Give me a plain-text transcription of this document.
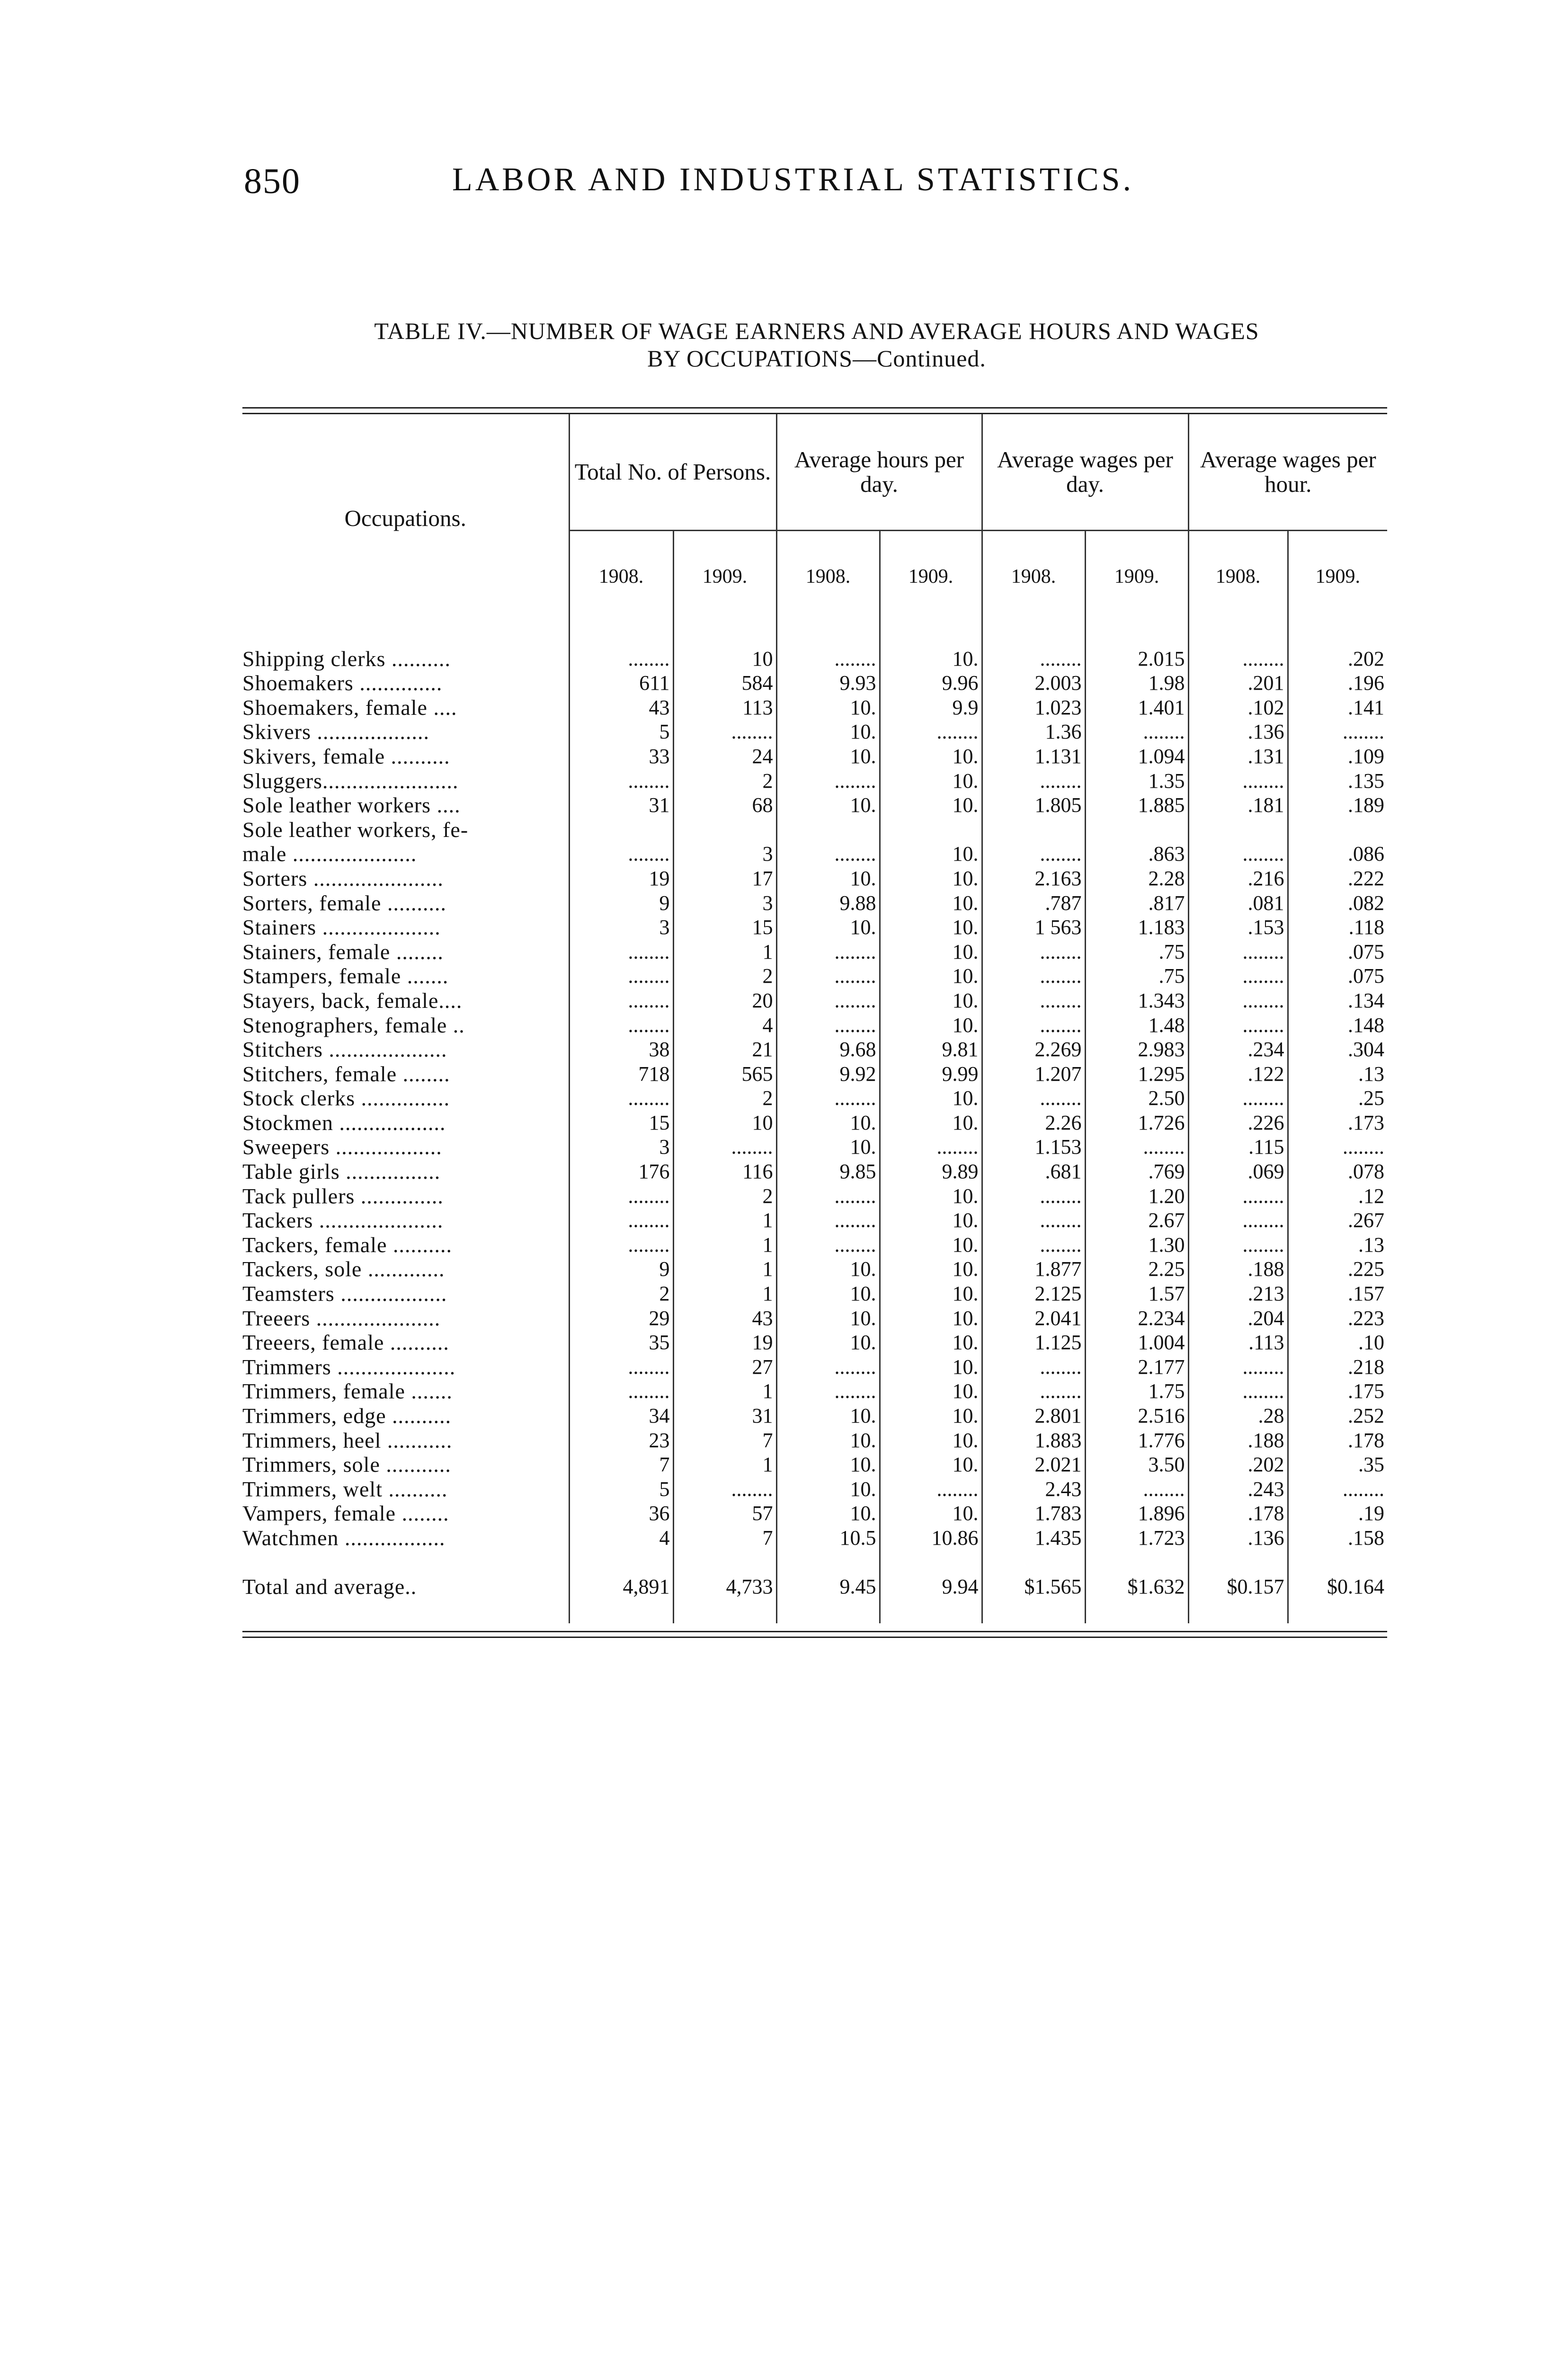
850	LABOR AND INDUSTRIAL STATISTICS.
TABLE IV.—NUMBER OF WAGE EARNERS AND AVERAGE HOURS AND WAGES
BY OCCUPATIONS—Continued.
Occupations.	Total No. of Persons.		Average hours per day.		Average wages per day.		Average wages per hour.	
	1908.	1909.	1908.	1909.	1908.	1909.	1908.	1909.

Shipping clerks ..........	........	10	........	10.	........	2.015	........	.202
Shoemakers ..............	611	584	9.93	9.96	2.003	1.98	.201	.196
Shoemakers, female ....	43	113	10.	9.9	1.023	1.401	.102	.141
Skivers ...................	5	........	10.	........	1.36	........	.136	........
Skivers, female ..........	33	24	10.	10.	1.131	1.094	.131	.109
Sluggers.......................	........	2	........	10.	........	1.35	........	.135
Sole leather workers ....	31	68	10.	10.	1.805	1.885	.181	.189
Sole leather workers, fe-								
male .....................	........	3	........	10.	........	.863	........	.086
Sorters ......................	19	17	10.	10.	2.163	2.28	.216	.222
Sorters, female ..........	9	3	9.88	10.	.787	.817	.081	.082
Stainers ....................	3	15	10.	10.	1 563	1.183	.153	.118
Stainers, female ........	........	1	........	10.	........	.75	........	.075
Stampers, female .......	........	2	........	10.	........	.75	........	.075
Stayers, back, female....	........	20	........	10.	........	1.343	........	.134
Stenographers, female ..	........	4	........	10.	........	1.48	........	.148
Stitchers ....................	38	21	9.68	9.81	2.269	2.983	.234	.304
Stitchers, female ........	718	565	9.92	9.99	1.207	1.295	.122	.13
Stock clerks ...............	........	2	........	10.	........	2.50	........	.25
Stockmen ..................	15	10	10.	10.	2.26	1.726	.226	.173
Sweepers ..................	3	........	10.	........	1.153	........	.115	........
Table girls ................	176	116	9.85	9.89	.681	.769	.069	.078
Tack pullers ..............	........	2	........	10.	........	1.20	........	.12
Tackers .....................	........	1	........	10.	........	2.67	........	.267
Tackers, female ..........	........	1	........	10.	........	1.30	........	.13
Tackers, sole .............	9	1	10.	10.	1.877	2.25	.188	.225
Teamsters ..................	2	1	10.	10.	2.125	1.57	.213	.157
Treeers .....................	29	43	10.	10.	2.041	2.234	.204	.223
Treeers, female ..........	35	19	10.	10.	1.125	1.004	.113	.10
Trimmers ....................	........	27	........	10.	........	2.177	........	.218
Trimmers, female .......	........	1	........	10.	........	1.75	........	.175
Trimmers, edge ..........	34	31	10.	10.	2.801	2.516	.28	.252
Trimmers, heel ...........	23	7	10.	10.	1.883	1.776	.188	.178
Trimmers, sole ...........	7	1	10.	10.	2.021	3.50	.202	.35
Trimmers, welt ..........	5	........	10.	........	2.43	........	.243	........
Vampers, female ........	36	57	10.	10.	1.783	1.896	.178	.19
Watchmen .................	4	7	10.5	10.86	1.435	1.723	.136	.158

Total and average..	4,891	4,733	9.45	9.94	$1.565	$1.632	$0.157	$0.164
